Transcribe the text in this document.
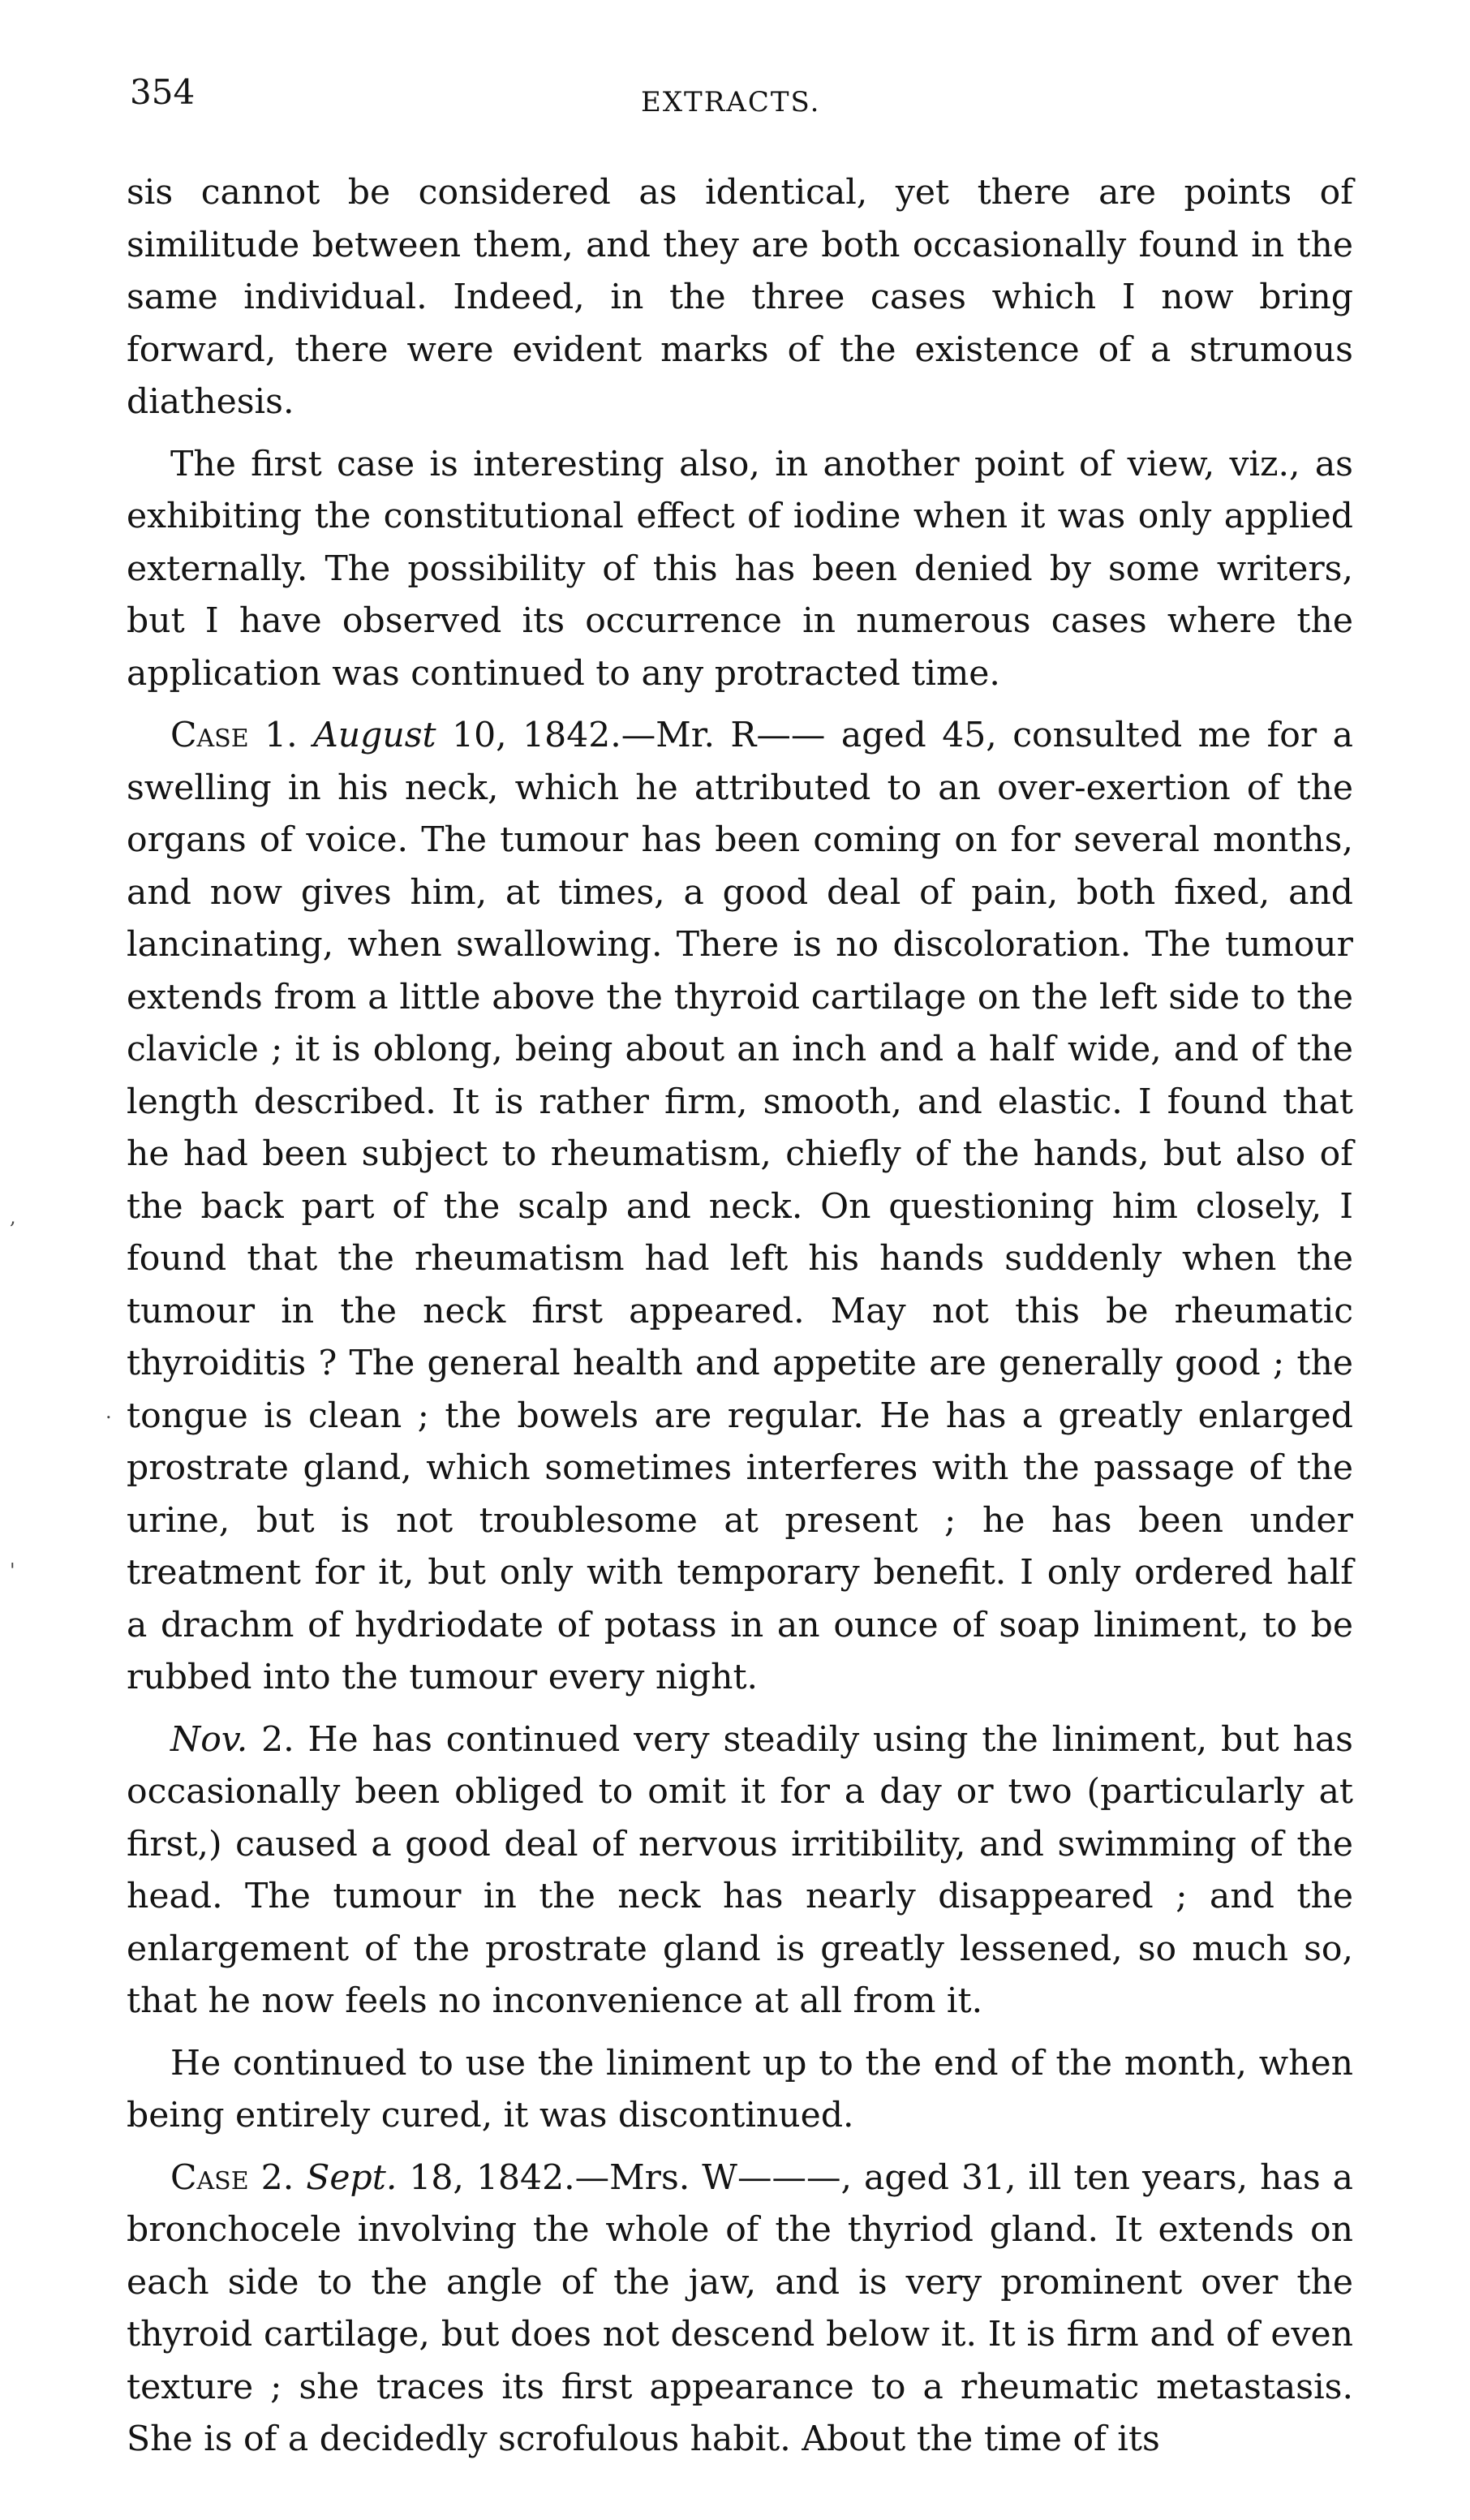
354	EXTRACTS.

sis cannot be considered as identical, yet there are points of similitude between them, and they are both occasionally found in the same individual. Indeed, in the three cases which I now bring forward, there were evident marks of the existence of a strumous diathesis.

The first case is interesting also, in another point of view, viz., as exhibiting the constitutional effect of iodine when it was only applied externally. The possibility of this has been denied by some writers, but I have observed its occurrence in numerous cases where the application was continued to any protracted time.

Case 1. August 10, 1842.—Mr. R—— aged 45, consulted me for a swelling in his neck, which he attributed to an over-exertion of the organs of voice. The tumour has been coming on for several months, and now gives him, at times, a good deal of pain, both fixed, and lancinating, when swallowing. There is no discoloration. The tumour extends from a little above the thyroid cartilage on the left side to the clavicle ; it is oblong, being about an inch and a half wide, and of the length described. It is rather firm, smooth, and elastic. I found that he had been subject to rheumatism, chiefly of the hands, but also of the back part of the scalp and neck. On questioning him closely, I found that the rheumatism had left his hands suddenly when the tumour in the neck first appeared. May not this be rheumatic thyroiditis ? The general health and appetite are generally good ; the tongue is clean ; the bowels are regular. He has a greatly enlarged prostrate gland, which sometimes interferes with the passage of the urine, but is not troublesome at present ; he has been under treatment for it, but only with temporary benefit. I only ordered half a drachm of hydriodate of potass in an ounce of soap liniment, to be rubbed into the tumour every night.

Nov. 2. He has continued very steadily using the liniment, but has occasionally been obliged to omit it for a day or two (particularly at first,) caused a good deal of nervous irritibility, and swimming of the head. The tumour in the neck has nearly disappeared ; and the enlargement of the prostrate gland is greatly lessened, so much so, that he now feels no inconvenience at all from it.

He continued to use the liniment up to the end of the month, when being entirely cured, it was discontinued.

Case 2. Sept. 18, 1842.—Mrs. W———, aged 31, ill ten years, has a bronchocele involving the whole of the thyriod gland. It extends on each side to the angle of the jaw, and is very prominent over the thyroid cartilage, but does not descend below it. It is firm and of even texture ; she traces its first appearance to a rheumatic metastasis. She is of a decidedly scrofulous habit. About the time of its

,

.

'
